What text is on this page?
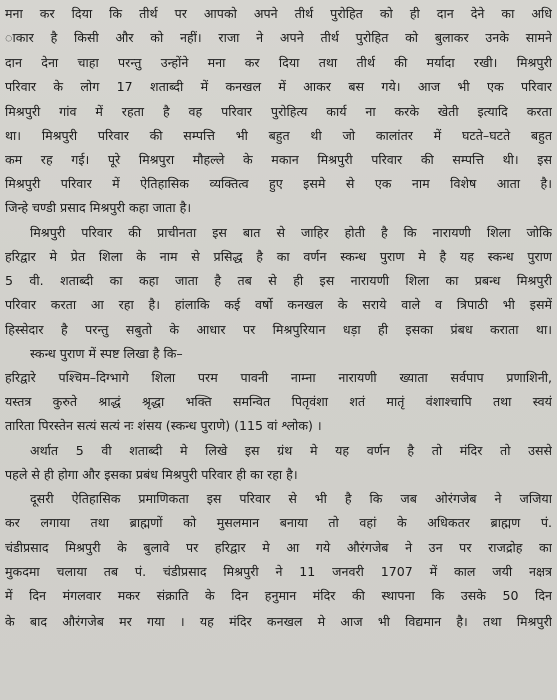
मना कर दिया कि तीर्थ पर आपको अपने तीर्थ पुरोहित को ही दान देने का अधि
ाकार है किसी और को नहीं। राजा ने अपने तीर्थ पुरोहित को बुलाकर उनके सामने
दान देना चाहा परन्तु उन्होंने मना कर दिया तथा तीर्थ की मर्यादा रखी। मिश्रपुरी
परिवार के लोग 17 शताब्दी में कनखल में आकर बस गये। आज भी एक परिवार
मिश्रपुरी गांव में रहता है वह परिवार पुरोहित्य कार्य ना करके खेती इत्यादि करता
था। मिश्रपुरी परिवार की सम्पत्ति भी बहुत थी जो कालांतर में घटते–घटते बहुत
कम रह गई। पूरे मिश्रपुरा मौहल्ले के मकान मिश्रपुरी परिवार की सम्पत्ति थी। इस
मिश्रपुरी परिवार में ऐतिहासिक व्यक्तित्व हुए इसमे से एक नाम विशेष आता है।
जिन्हे चण्डी प्रसाद मिश्रपुरी कहा जाता है।
मिश्रपुरी परिवार की प्राचीनता इस बात से जाहिर होती है कि नारायणी शिला जोकि
हरिद्वार मे प्रेत शिला के नाम से प्रसिद्ध है का वर्णन स्कन्ध पुराण मे है यह स्कन्ध पुराण
5 वी. शताब्दी का कहा जाता है तब से ही इस नारायणी शिला का प्रबन्ध मिश्रपुरी
परिवार करता आ रहा है। हांलाकि कई वर्षो कनखल के सराये वाले व त्रिपाठी भी इसमें
हिस्सेदार है परन्तु सबुतो के आधार पर मिश्रपुरियान धड़ा ही इसका प्रंबध कराता था।
स्कन्ध पुराण में स्पष्ट लिखा है कि–
हरिद्वारे पश्चिम–दिग्भागे शिला परम पावनी नाम्ना नारायणी ख्याता सर्वपाप प्रणाशिनी,
यस्तत्र कुरुते श्राद्धं श्रृद्धा भक्ति समन्वित पितृवंशा शतं मातृं वंशाश्चापि तथा स्वयं
तारिता पिरस्तेन सत्यं सत्यं नः शंसय (स्कन्ध पुराणे) (115 वां श्लोक) ।
अर्थात 5 वी शताब्दी मे लिखे इस ग्रंथ मे यह वर्णन है तो मंदिर तो उससे
पहले से ही होगा और इसका प्रबंध मिश्रपुरी परिवार ही का रहा है।
दूसरी ऐतिहासिक प्रमाणिकता इस परिवार से भी है कि जब ओरंगजेब ने जजिया
कर लगाया तथा ब्राह्मणों को मुसलमान बनाया तो वहां के अधिकतर ब्राह्मण पं.
चंडीप्रसाद मिश्रपुरी के बुलावे पर हरिद्वार मे आ गये औरंगजेब ने उन पर राजद्रोह का
मुकदमा चलाया तब पं. चंडीप्रसाद मिश्रपुरी ने 11 जनवरी 1707 में काल जयी नक्षत्र
में दिन मंगलवार मकर संक्राति के दिन हनुमान मंदिर की स्थापना कि उसके 50 दिन
के बाद औरंगजेब मर गया । यह मंदिर कनखल मे आज भी विद्यमान है। तथा मिश्रपुरी
